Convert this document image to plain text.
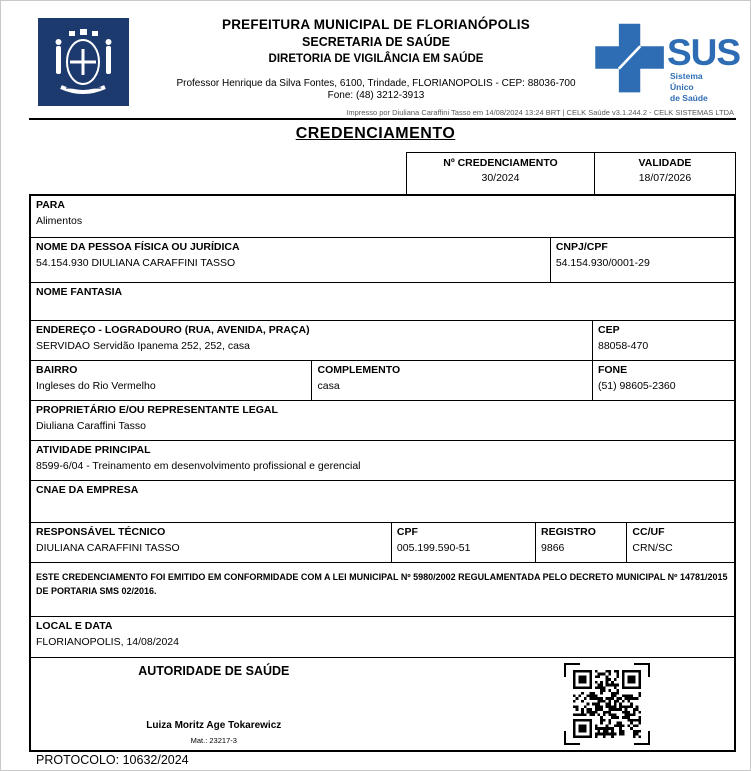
PREFEITURA MUNICIPAL DE FLORIANÓPOLIS
SECRETARIA DE SAÚDE
DIRETORIA DE VIGILÂNCIA EM SAÚDE
Professor Henrique da Silva Fontes, 6100, Trindade, FLORIANOPOLIS - CEP: 88036-700
Fone: (48) 3212-3913
SUS
Sistema
Único
de Saúde
Impresso por Diuliana Caraffini Tasso em 14/08/2024 13:24 BRT | CELK Saúde v3.1.244.2 - CELK SISTEMAS LTDA
CREDENCIAMENTO
Nº CREDENCIAMENTO
30/2024
VALIDADE
18/07/2026
PARA
Alimentos
NOME DA PESSOA FÍSICA OU JURÍDICA
54.154.930 DIULIANA CARAFFINI TASSO
CNPJ/CPF
54.154.930/0001-29
NOME FANTASIA
ENDEREÇO - LOGRADOURO (RUA, AVENIDA, PRAÇA)
SERVIDAO Servidão Ipanema 252, 252, casa
CEP
88058-470
BAIRRO
Ingleses do Rio Vermelho
COMPLEMENTO
casa
FONE
(51) 98605-2360
PROPRIETÁRIO E/OU REPRESENTANTE LEGAL
Diuliana Caraffini Tasso
ATIVIDADE PRINCIPAL
8599-6/04 - Treinamento em desenvolvimento profissional e gerencial
CNAE DA EMPRESA
RESPONSÁVEL TÉCNICO
DIULIANA CARAFFINI TASSO
CPF
005.199.590-51
REGISTRO
9866
CC/UF
CRN/SC
ESTE CREDENCIAMENTO FOI EMITIDO EM CONFORMIDADE COM A LEI MUNICIPAL Nº 5980/2002 REGULAMENTADA PELO DECRETO MUNICIPAL Nº 14781/2015 DE PORTARIA SMS 02/2016.
LOCAL E DATA
FLORIANOPOLIS, 14/08/2024
AUTORIDADE DE SAÚDE
Luiza Moritz Age Tokarewicz
Mat.: 23217-3
PROTOCOLO: 10632/2024
